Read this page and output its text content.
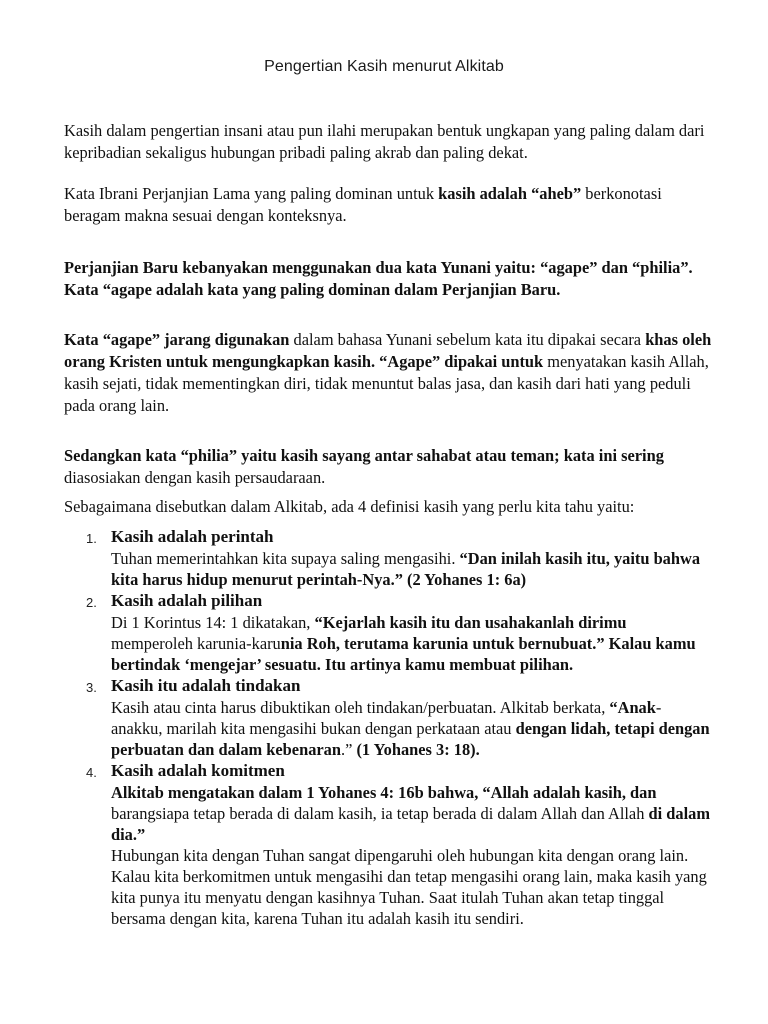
Pengertian Kasih menurut Alkitab

Kasih dalam pengertian insani atau pun ilahi merupakan bentuk ungkapan yang paling dalam dari kepribadian sekaligus hubungan pribadi paling akrab dan paling dekat.

Kata Ibrani Perjanjian Lama yang paling dominan untuk kasih adalah “aheb” berkonotasi beragam makna sesuai dengan konteksnya.

Perjanjian Baru kebanyakan menggunakan dua kata Yunani yaitu: “agape” dan “philia”. Kata “agape adalah kata yang paling dominan dalam Perjanjian Baru.

Kata “agape” jarang digunakan dalam bahasa Yunani sebelum kata itu dipakai secara khas oleh orang Kristen untuk mengungkapkan kasih. “Agape” dipakai untuk menyatakan kasih Allah, kasih sejati, tidak mementingkan diri, tidak menuntut balas jasa, dan kasih dari hati yang peduli pada orang lain.

Sedangkan kata “philia” yaitu kasih sayang antar sahabat atau teman; kata ini sering diasosiakan dengan kasih persaudaraan.

Sebagaimana disebutkan dalam Alkitab, ada 4 definisi kasih yang perlu kita tahu yaitu:

1. Kasih adalah perintah

Tuhan memerintahkan kita supaya saling mengasihi. “Dan inilah kasih itu, yaitu bahwa kita harus hidup menurut perintah-Nya.” (2 Yohanes 1: 6a)

2. Kasih adalah pilihan

Di 1 Korintus 14: 1 dikatakan, “Kejarlah kasih itu dan usahakanlah dirimu memperoleh karunia-karunia Roh, terutama karunia untuk bernubuat.” Kalau kamu bertindak ‘mengejar’ sesuatu. Itu artinya kamu membuat pilihan.

3. Kasih itu adalah tindakan

Kasih atau cinta harus dibuktikan oleh tindakan/perbuatan. Alkitab berkata, “Anak-anakku, marilah kita mengasihi bukan dengan perkataan atau dengan lidah, tetapi dengan perbuatan dan dalam kebenaran.” (1 Yohanes 3: 18).

4. Kasih adalah komitmen

Alkitab mengatakan dalam 1 Yohanes 4: 16b bahwa, “Allah adalah kasih, dan barangsiapa tetap berada di dalam kasih, ia tetap berada di dalam Allah dan Allah di dalam dia.”
Hubungan kita dengan Tuhan sangat dipengaruhi oleh hubungan kita dengan orang lain. Kalau kita berkomitmen untuk mengasihi dan tetap mengasihi orang lain, maka kasih yang kita punya itu menyatu dengan kasihnya Tuhan. Saat itulah Tuhan akan tetap tinggal bersama dengan kita, karena Tuhan itu adalah kasih itu sendiri.
